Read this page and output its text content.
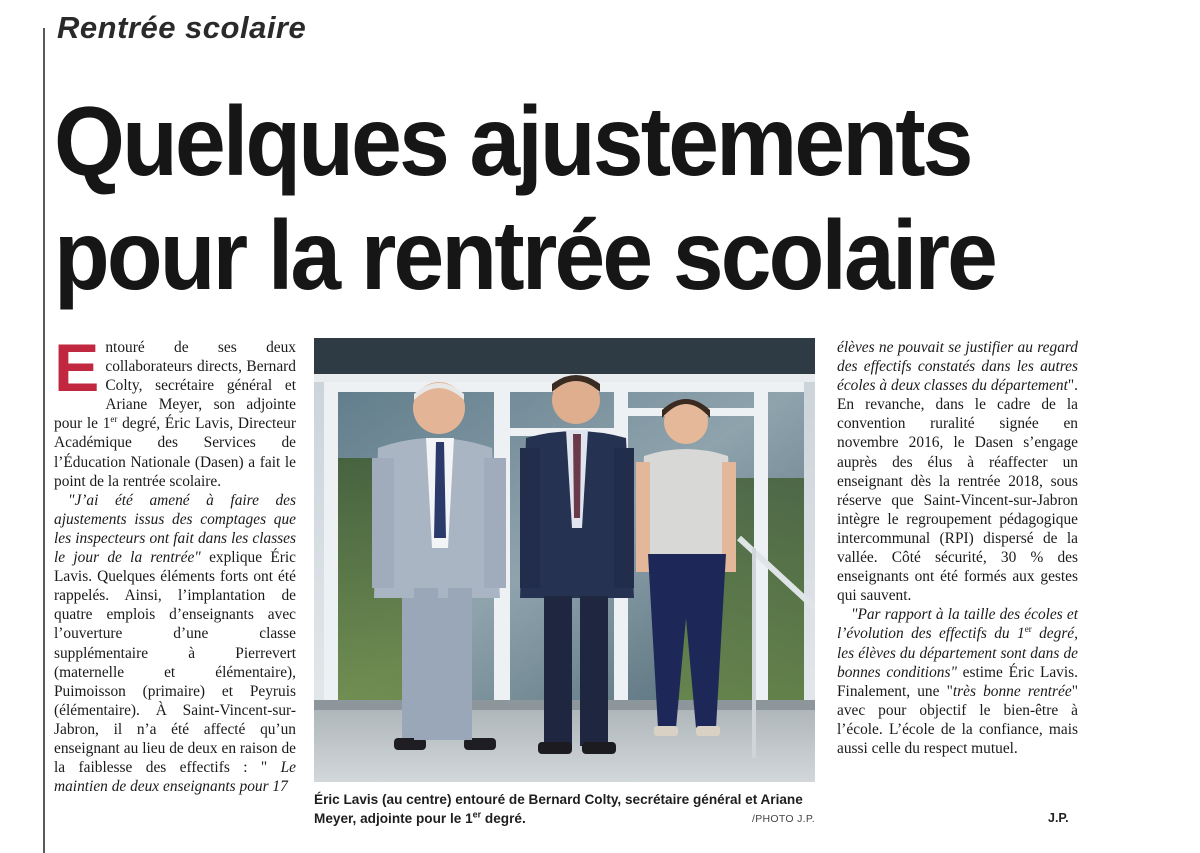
Rentrée scolaire
Quelques ajustements
pour la rentrée scolaire

Entouré de ses deux collaborateurs directs, Bernard Colty, secrétaire général et Ariane Meyer, son adjointe pour le 1er degré, Éric Lavis, Directeur Académique des Services de l’Éducation Nationale (Dasen) a fait le point de la rentrée scolaire.

"J’ai été amené à faire des ajustements issus des comptages que les inspecteurs ont fait dans les classes le jour de la rentrée" explique Éric Lavis. Quelques éléments forts ont été rappelés. Ainsi, l’implantation de quatre emplois d’enseignants avec l’ouverture d’une classe supplémentaire à Pierrevert (maternelle et élémentaire), Puimoisson (primaire) et Peyruis (élémentaire). À Saint-Vincent-sur-Jabron, il n’a été affecté qu’un enseignant au lieu de deux en raison de la faiblesse des effectifs : " Le maintien de deux enseignants pour 17

Éric Lavis (au centre) entouré de Bernard Colty, secrétaire général et Ariane Meyer, adjointe pour le 1er degré.	/PHOTO J.P.

élèves ne pouvait se justifier au regard des effectifs constatés dans les autres écoles à deux classes du département". En revanche, dans le cadre de la convention ruralité signée en novembre 2016, le Dasen s’engage auprès des élus à réaffecter un enseignant dès la rentrée 2018, sous réserve que Saint-Vincent-sur-Jabron intègre le regroupement pédagogique intercommunal (RPI) dispersé de la vallée. Côté sécurité, 30 % des enseignants ont été formés aux gestes qui sauvent.

"Par rapport à la taille des écoles et l’évolution des effectifs du 1er degré, les élèves du département sont dans de bonnes conditions" estime Éric Lavis. Finalement, une "très bonne rentrée" avec pour objectif le bien-être à l’école. L’école de la confiance, mais aussi celle du respect mutuel.

J.P.
